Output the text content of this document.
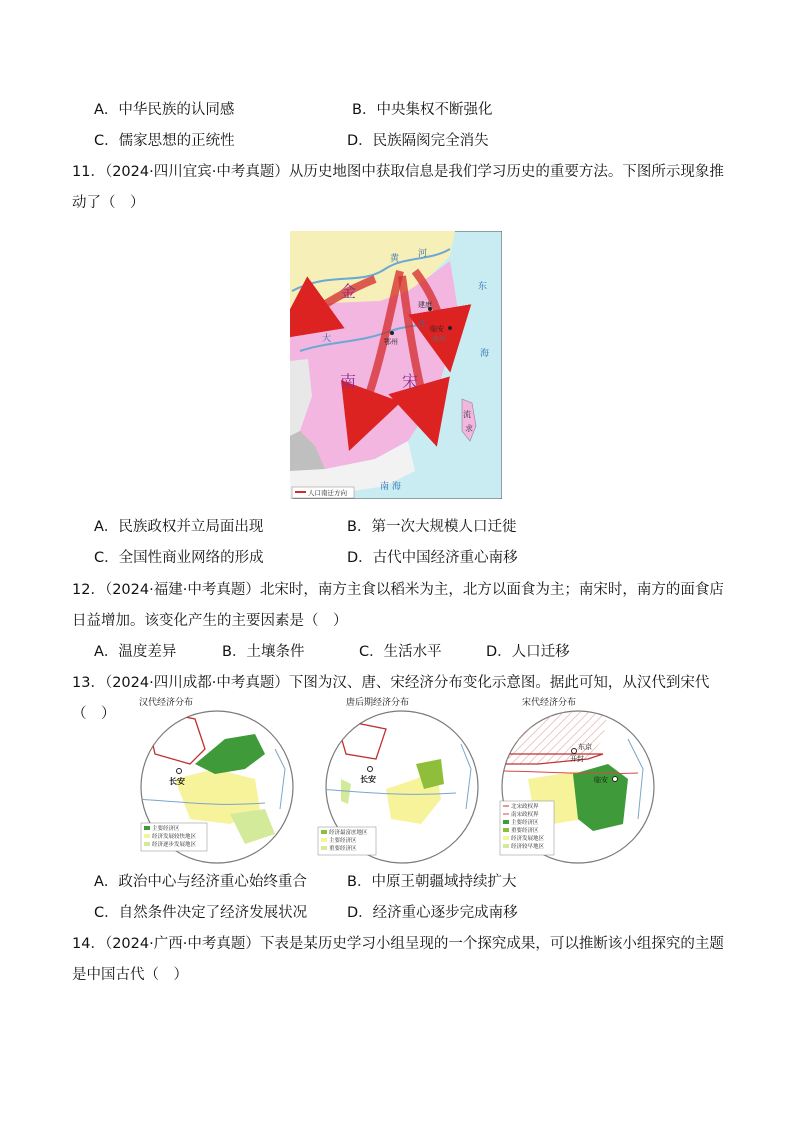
A．中华民族的认同感	B．中央集权不断强化
C．儒家思想的正统性	D．民族隔阂完全消失
11．（2024·四川宜宾·中考真题）从历史地图中获取信息是我们学习历史的重要方法。下图所示现象推动了（　）
金
黄 河
大
江
东
海
南 海
流
求
南	宋
建康
临安
鄂州	泉州
人口南迁方向
A．民族政权并立局面出现	B．第一次大规模人口迁徙
C．全国性商业网络的形成	D．古代中国经济重心南移
12．（2024·福建·中考真题）北宋时，南方主食以稻米为主，北方以面食为主；南宋时，南方的面食店日益增加。该变化产生的主要因素是（　）
A．温度差异	B．土壤条件	C．生活水平	D．人口迁移
13．（2024·四川成都·中考真题）下图为汉、唐、宋经济分布变化示意图。据此可知，从汉代到宋代（　）
汉代经济分布
长安
主要经济区
经济发展较快地区
经济逐步发展地区
唐后期经济分布
长安
经济最富庶地区
主要经济区
重要经济区
宋代经济分布
东京
开封
临安
北宋政权界
南宋政权界
主要经济区
重要经济区
经济发展地区
经济较早地区
A．政治中心与经济重心始终重合	B．中原王朝疆域持续扩大
C．自然条件决定了经济发展状况	D．经济重心逐步完成南移
14．（2024·广西·中考真题）下表是某历史学习小组呈现的一个探究成果，可以推断该小组探究的主题是中国古代（　）
